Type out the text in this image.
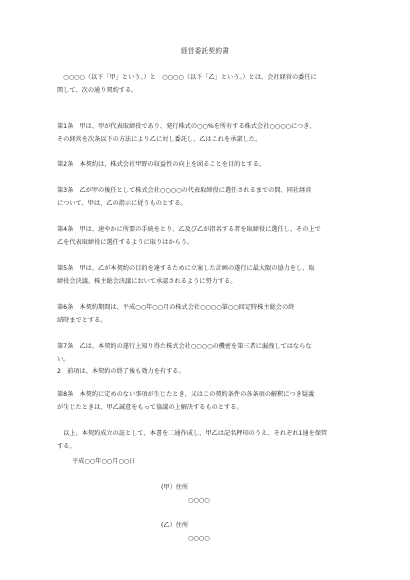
経営委託契約書
　○○○○（以下「甲」という。）と　○○○○（以下「乙」という。）とは、会社経営の委任に
関して、次の通り契約する。
第1条　甲は、甲が代表取締役であり、発行株式の○○%を所有する株式会社○○○○につき、
その経営を次条以下の方法により乙に対し委託し、乙はこれを承諾した。
第2条　本契約は、株式会社甲野の収益性の向上を図ることを目的とする。
第3条　乙が甲の後任として株式会社○○○○の代表取締役に選任されるまでの間、同社経営
について、甲は、乙の指示に従うものとする。
第4条　甲は、速やかに所要の手続をとり、乙及び乙が指名する者を取締役に選任し、その上で
乙を代表取締役に選任するように取りはからう。
第5条　甲は、乙が本契約の目的を達するために立案した計画の遂行に最大限の協力をし、取
締役会決議、株主総会決議において承認されるように努力する。
第6条　本契約期間は、平成○○年○○月の株式会社○○○○第○○回定時株主総会の終
結時までとする。
第7条　乙は、本契約の遂行上知り得た株式会社○○○○の機密を第三者に漏洩してはならな
い。
2　前項は、本契約の終了後も効力を有する。
第8条　本契約に定めのない事項が生じたとき、又はこの契約条件の各条項の解釈につき疑義
が生じたときは、甲乙誠意をもって協議の上解決するものとする。
　以上、本契約成立の証として、本書を二通作成し、甲乙は記名押印のうえ、それぞれ1通を保管
する。
平成○○年○○月○○日
(甲）住所
○○○○
(乙）住所
○○○○
